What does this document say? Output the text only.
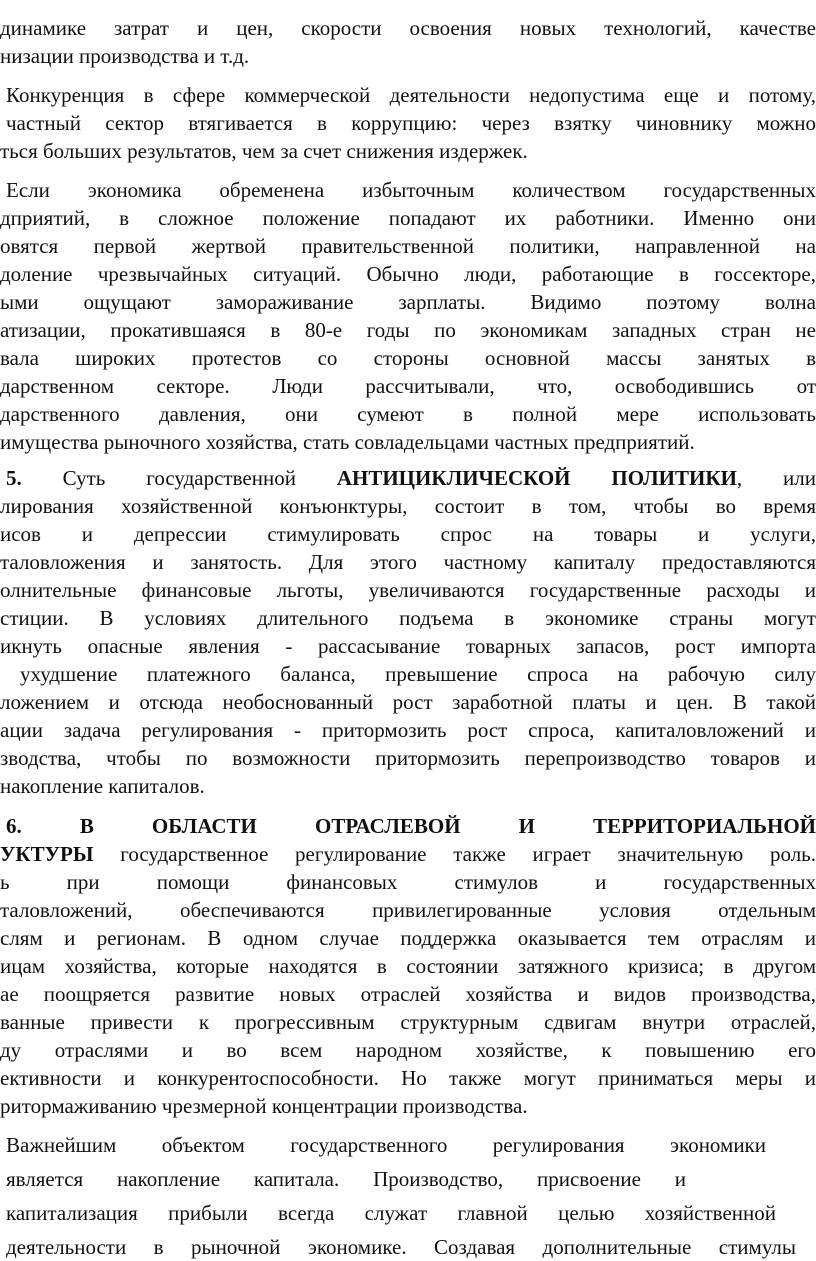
динамике затрат и цен, скорости освоения новых технологий, качестве
низации производства и т.д.
Конкуренция в сфере коммерческой деятельности недопустима еще и потому,
частный сектор втягивается в коррупцию: через взятку чиновнику можно
ться больших результатов, чем за счет снижения издержек.
Если экономика обременена избыточным количеством государственных
дприятий, в сложное положение попадают их работники. Именно они
овятся первой жертвой правительственной политики, направленной на
доление чрезвычайных ситуаций. Обычно люди, работающие в госсекторе,
ыми ощущают замораживание зарплаты. Видимо поэтому волна
атизации, прокатившаяся в 80-е годы по экономикам западных стран не
вала широких протестов со стороны основной массы занятых в
дарственном секторе. Люди рассчитывали, что, освободившись от
дарственного давления, они сумеют в полной мере использовать
имущества рыночного хозяйства, стать совладельцами частных предприятий.
5. Суть государственной АНТИЦИКЛИЧЕСКОЙ ПОЛИТИКИ, или
лирования хозяйственной конъюнктуры, состоит в том, чтобы во время
исов и депрессии стимулировать спрос на товары и услуги,
таловложения и занятость. Для этого частному капиталу предоставляются
олнительные финансовые льготы, увеличиваются государственные расходы и
стиции. В условиях длительного подъема в экономике страны могут
икнуть опасные явления - рассасывание товарных запасов, рост импорта
ухудшение платежного баланса, превышение спроса на рабочую силу
ложением и отсюда необоснованный рост заработной платы и цен. В такой
ации задача регулирования - притормозить рост спроса, капиталовложений и
зводства, чтобы по возможности притормозить перепроизводство товаров и
накопление капиталов.
6. В ОБЛАСТИ ОТРАСЛЕВОЙ И ТЕРРИТОРИАЛЬНОЙ
УКТУРЫ государственное регулирование также играет значительную роль.
ь при помощи финансовых стимулов и государственных
таловложений, обеспечиваются привилегированные условия отдельным
слям и регионам. В одном случае поддержка оказывается тем отраслям и
ицам хозяйства, которые находятся в состоянии затяжного кризиса; в другом
ае поощряется развитие новых отраслей хозяйства и видов производства,
ванные привести к прогрессивным структурным сдвигам внутри отраслей,
ду отраслями и во всем народном хозяйстве, к повышению его
ективности и конкурентоспособности. Но также могут приниматься меры и
ритормаживанию чрезмерной концентрации производства.
Важнейшим объектом государственного регулирования экономики
является накопление капитала. Производство, присвоение и
капитализация прибыли всегда служат главной целью хозяйственной
деятельности в рыночной экономике. Создавая дополнительные стимулы
